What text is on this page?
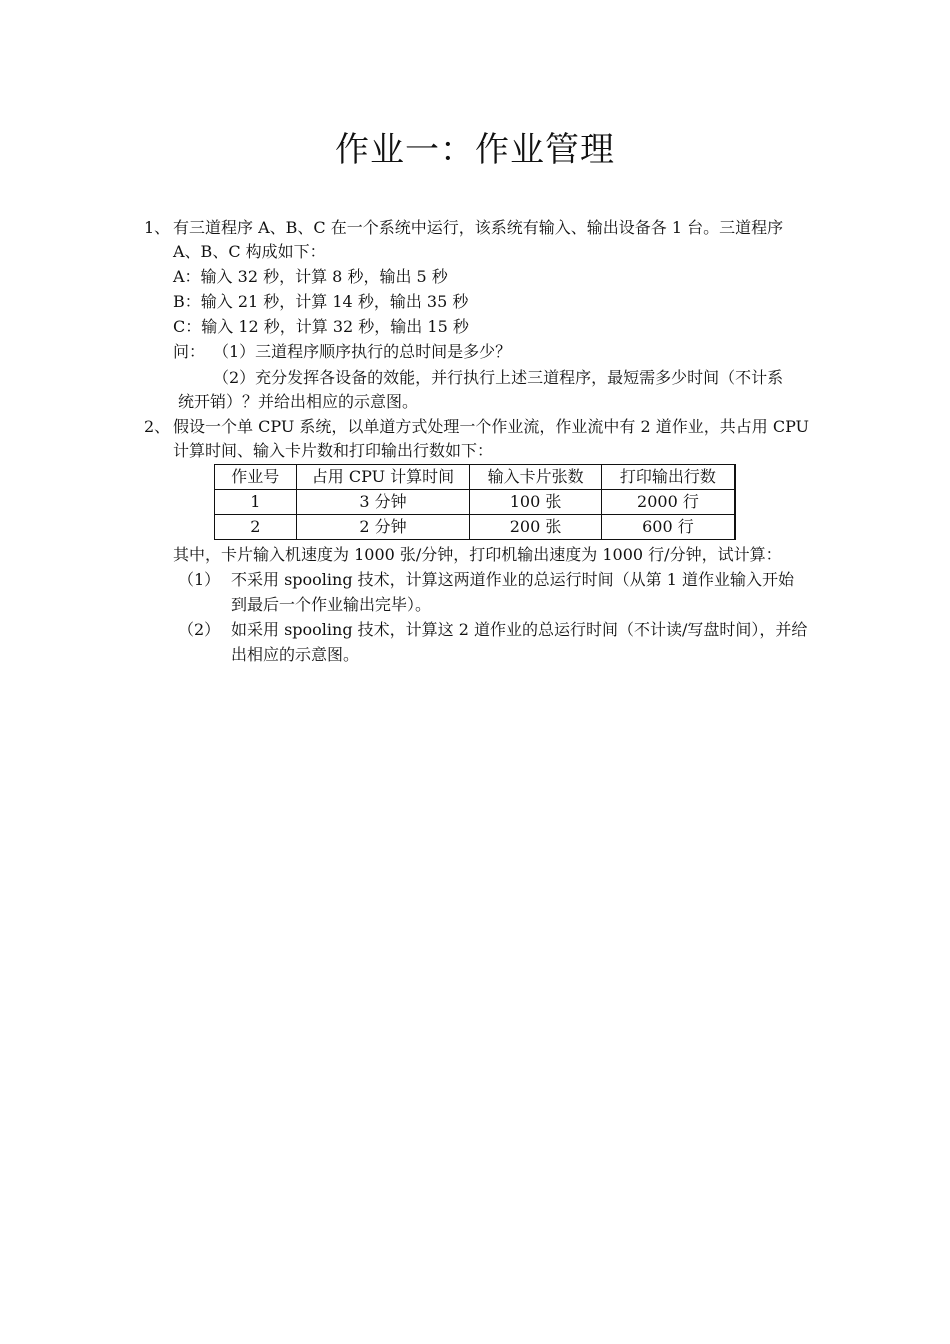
作业一：作业管理
1、 有三道程序 A、B、C 在一个系统中运行，该系统有输入、输出设备各 1 台。三道程序
A、B、C 构成如下：
A：输入 32 秒，计算 8 秒，输出 5 秒
B：输入 21 秒，计算 14 秒，输出 35 秒
C：输入 12 秒，计算 32 秒，输出 15 秒
问： （1）三道程序顺序执行的总时间是多少？
（2）充分发挥各设备的效能，并行执行上述三道程序，最短需多少时间（不计系
统开销）？并给出相应的示意图。
2、 假设一个单 CPU 系统，以单道方式处理一个作业流，作业流中有 2 道作业，共占用 CPU
计算时间、输入卡片数和打印输出行数如下：
作业号	占用 CPU 计算时间	输入卡片张数	打印输出行数
1	3 分钟	100 张	2000 行
2	2 分钟	200 张	600 行
其中，卡片输入机速度为 1000 张/分钟，打印机输出速度为 1000 行/分钟，试计算：
（1） 不采用 spooling 技术，计算这两道作业的总运行时间（从第 1 道作业输入开始
到最后一个作业输出完毕）。
（2） 如采用 spooling 技术，计算这 2 道作业的总运行时间（不计读/写盘时间），并给
出相应的示意图。
